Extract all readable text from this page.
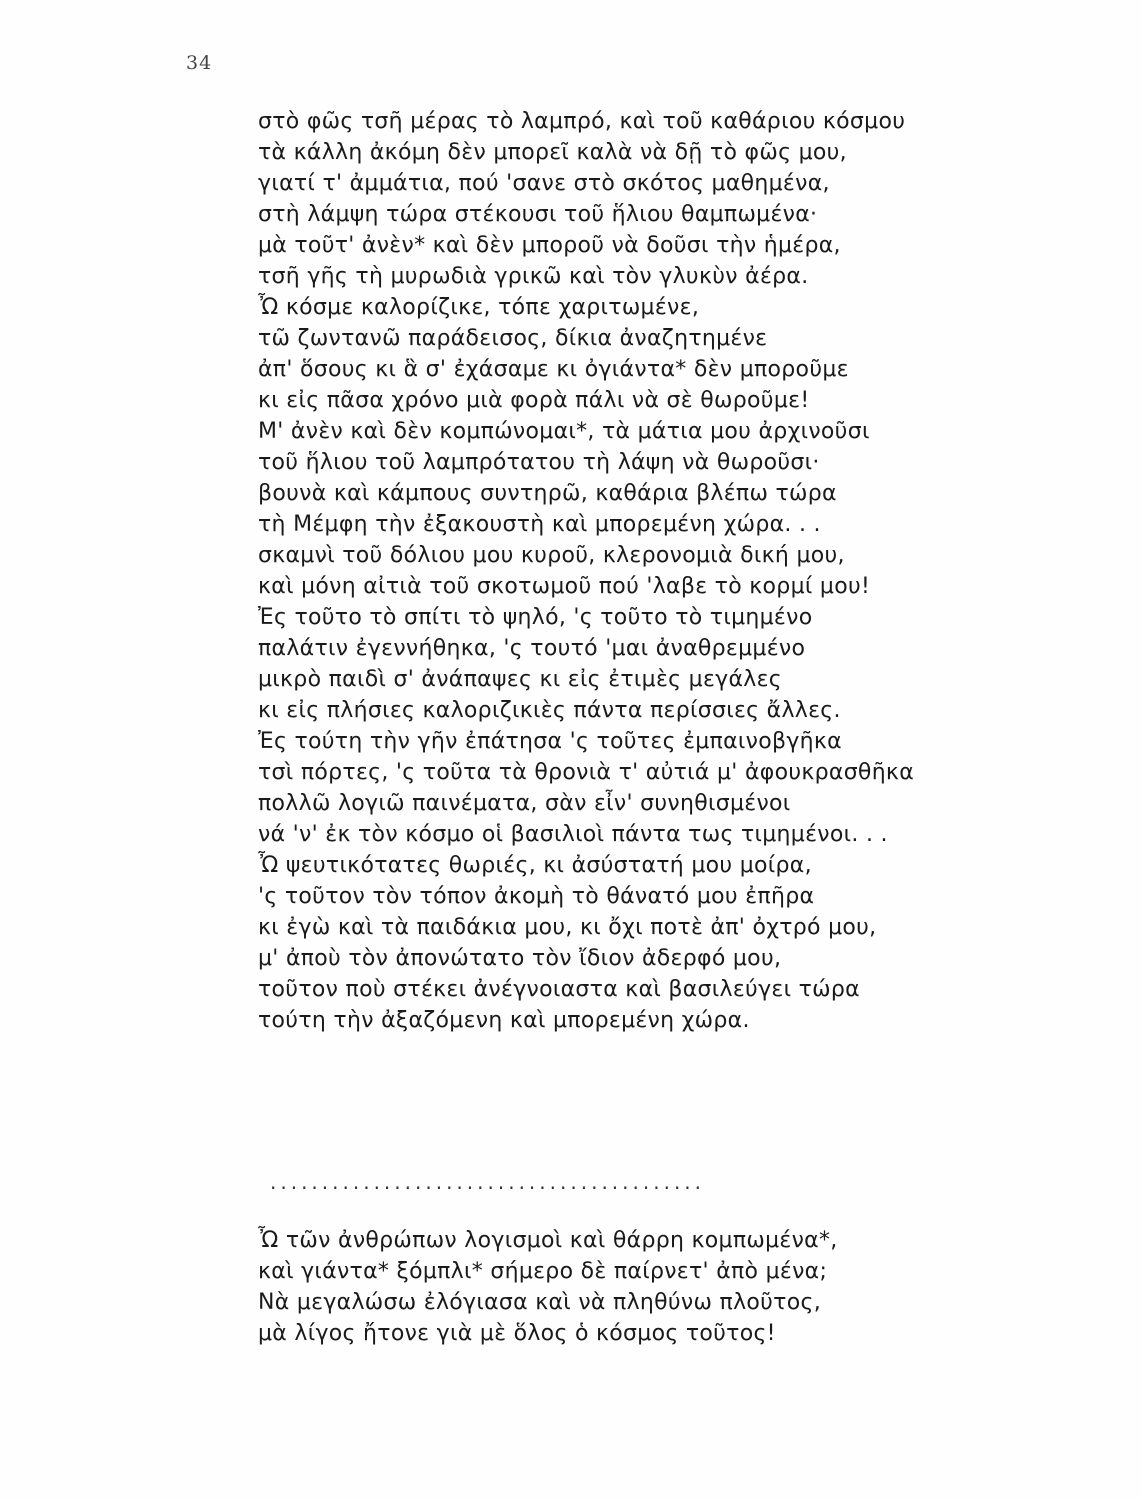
34
στὸ φῶς τσῆ μέρας τὸ λαμπρό, καὶ τοῦ καθάριου κόσμου
τὰ κάλλη ἀκόμη δὲν μπορεῖ καλὰ νὰ δῇ τὸ φῶς μου,
γιατί τ' ἀμμάτια, πού 'σανε στὸ σκότος μαθημένα,
στὴ λάμψη τώρα στέκουσι τοῦ ἥλιου θαμπωμένα·
μὰ τοῦτ' ἀνὲν* καὶ δὲν μποροῦ νὰ δοῦσι τὴν ἡμέρα,
τσῆ γῆς τὴ μυρωδιὰ γρικῶ καὶ τὸν γλυκὺν ἀέρα.
Ὦ κόσμε καλορίζικε, τόπε χαριτωμένε,
τῶ ζωντανῶ παράδεισος, δίκια ἀναζητημένε
ἀπ' ὅσους κι ἃ σ' ἐχάσαμε κι ὀγιάντα* δὲν μποροῦμε
κι εἰς πᾶσα χρόνο μιὰ φορὰ πάλι νὰ σὲ θωροῦμε!
Μ' ἀνὲν καὶ δὲν κομπώνομαι*, τὰ μάτια μου ἀρχινοῦσι
τοῦ ἥλιου τοῦ λαμπρότατου τὴ λάψη νὰ θωροῦσι·
βουνὰ καὶ κάμπους συντηρῶ, καθάρια βλέπω τώρα
τὴ Μέμφη τὴν ἐξακουστὴ καὶ μπορεμένη χώρα. . .
σκαμνὶ τοῦ δόλιου μου κυροῦ, κλερονομιὰ δική μου,
καὶ μόνη αἰτιὰ τοῦ σκοτωμοῦ πού 'λαβε τὸ κορμί μου!
Ἐς τοῦτο τὸ σπίτι τὸ ψηλό, 'ς τοῦτο τὸ τιμημένο
παλάτιν ἐγεννήθηκα, 'ς τουτό 'μαι ἀναθρεμμένο
μικρὸ παιδὶ σ' ἀνάπαψες κι εἰς ἐτιμὲς μεγάλες
κι εἰς πλήσιες καλοριζικιὲς πάντα περίσσιες ἄλλες.
Ἐς τούτη τὴν γῆν ἐπάτησα 'ς τοῦτες ἐμπαινοβγῆκα
τσὶ πόρτες, 'ς τοῦτα τὰ θρονιὰ τ' αὐτιά μ' ἀφουκρασθῆκα
πολλῶ λογιῶ παινέματα, σὰν εἶν' συνηθισμένοι
νά 'ν' ἐκ τὸν κόσμο οἱ βασιλιοὶ πάντα τως τιμημένοι. . .
Ὦ ψευτικότατες θωριές, κι ἀσύστατή μου μοίρα,
'ς τοῦτον τὸν τόπον ἀκομὴ τὸ θάνατό μου ἐπῆρα
κι ἐγὼ καὶ τὰ παιδάκια μου, κι ὄχι ποτὲ ἀπ' ὀχτρό μου,
μ' ἀποὺ τὸν ἀπονώτατο τὸν ἴδιον ἀδερφό μου,
τοῦτον ποὺ στέκει ἀνέγνοιαστα καὶ βασιλεύγει τώρα
τούτη τὴν ἀξαζόμενη καὶ μπορεμένη χώρα.
..........................................
Ὦ τῶν ἀνθρώπων λογισμοὶ καὶ θάρρη κομπωμένα*,
καὶ γιάντα* ξόμπλι* σήμερο δὲ παίρνετ' ἀπὸ μένα;
Νὰ μεγαλώσω ἐλόγιασα καὶ νὰ πληθύνω πλοῦτος,
μὰ λίγος ἤτονε γιὰ μὲ ὅλος ὁ κόσμος τοῦτος!
